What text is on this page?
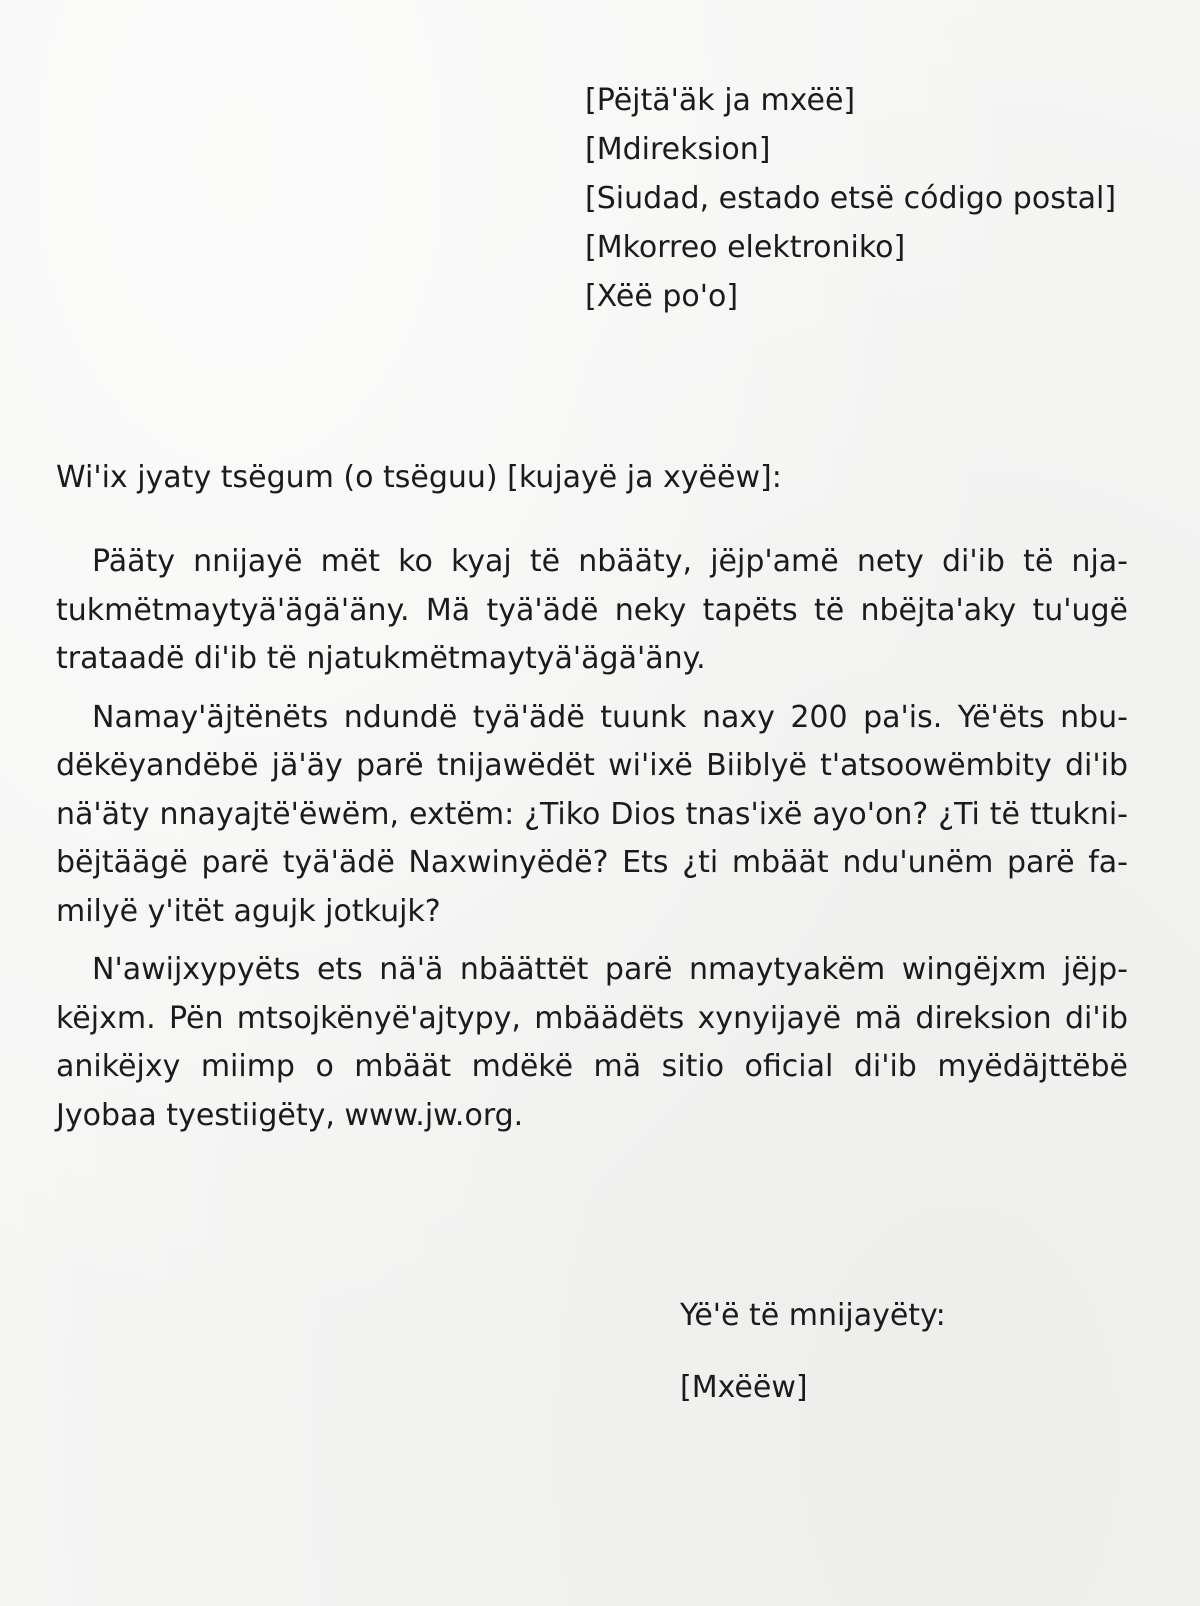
[Pëjtä'äk ja mxëë]
[Mdireksion]
[Siudad, estado etsë código postal]
[Mkorreo elektroniko]
[Xëë po'o]
Wi'ix jyaty tsëgum (o tsëguu) [kujayë ja xyëëw]:

Pääty nnijayë mët ko kyaj të nbääty, jëjp'amë nety di'ib të njatukmëtmaytyä'ägä'äny. Mä tyä'ädë neky tapëts të nbëjta'aky tu'ugë trataadë di'ib të njatukmëtmaytyä'ägä'äny.

Namay'äjtënëts ndundë tyä'ädë tuunk naxy 200 pa'is. Yë'ëts nbudëkëyandëbë jä'äy parë tnijawëdët wi'ixë Biiblyë t'atsoowëmbity di'ib nä'äty nnayajtë'ëwëm, extëm: ¿Tiko Dios tnas'ixë ayo'on? ¿Ti të ttuknibëjtäägë parë tyä'ädë Naxwinyëdë? Ets ¿ti mbäät ndu'unëm parë familyë y'itët agujk jotkujk?

N'awijxypyëts ets nä'ä nbäättët parë nmaytyakëm wingëjxm jëjpkëjxm. Pën mtsojkënyë'ajtypy, mbäädëts xynyijayë mä direksion di'ib anikëjxy miimp o mbäät mdëkë mä sitio oficial di'ib myëdäjttëbë Jyobaa tyestiigëty, www.jw.org.

Yë'ë të mnijayëty:
[Mxëëw]
